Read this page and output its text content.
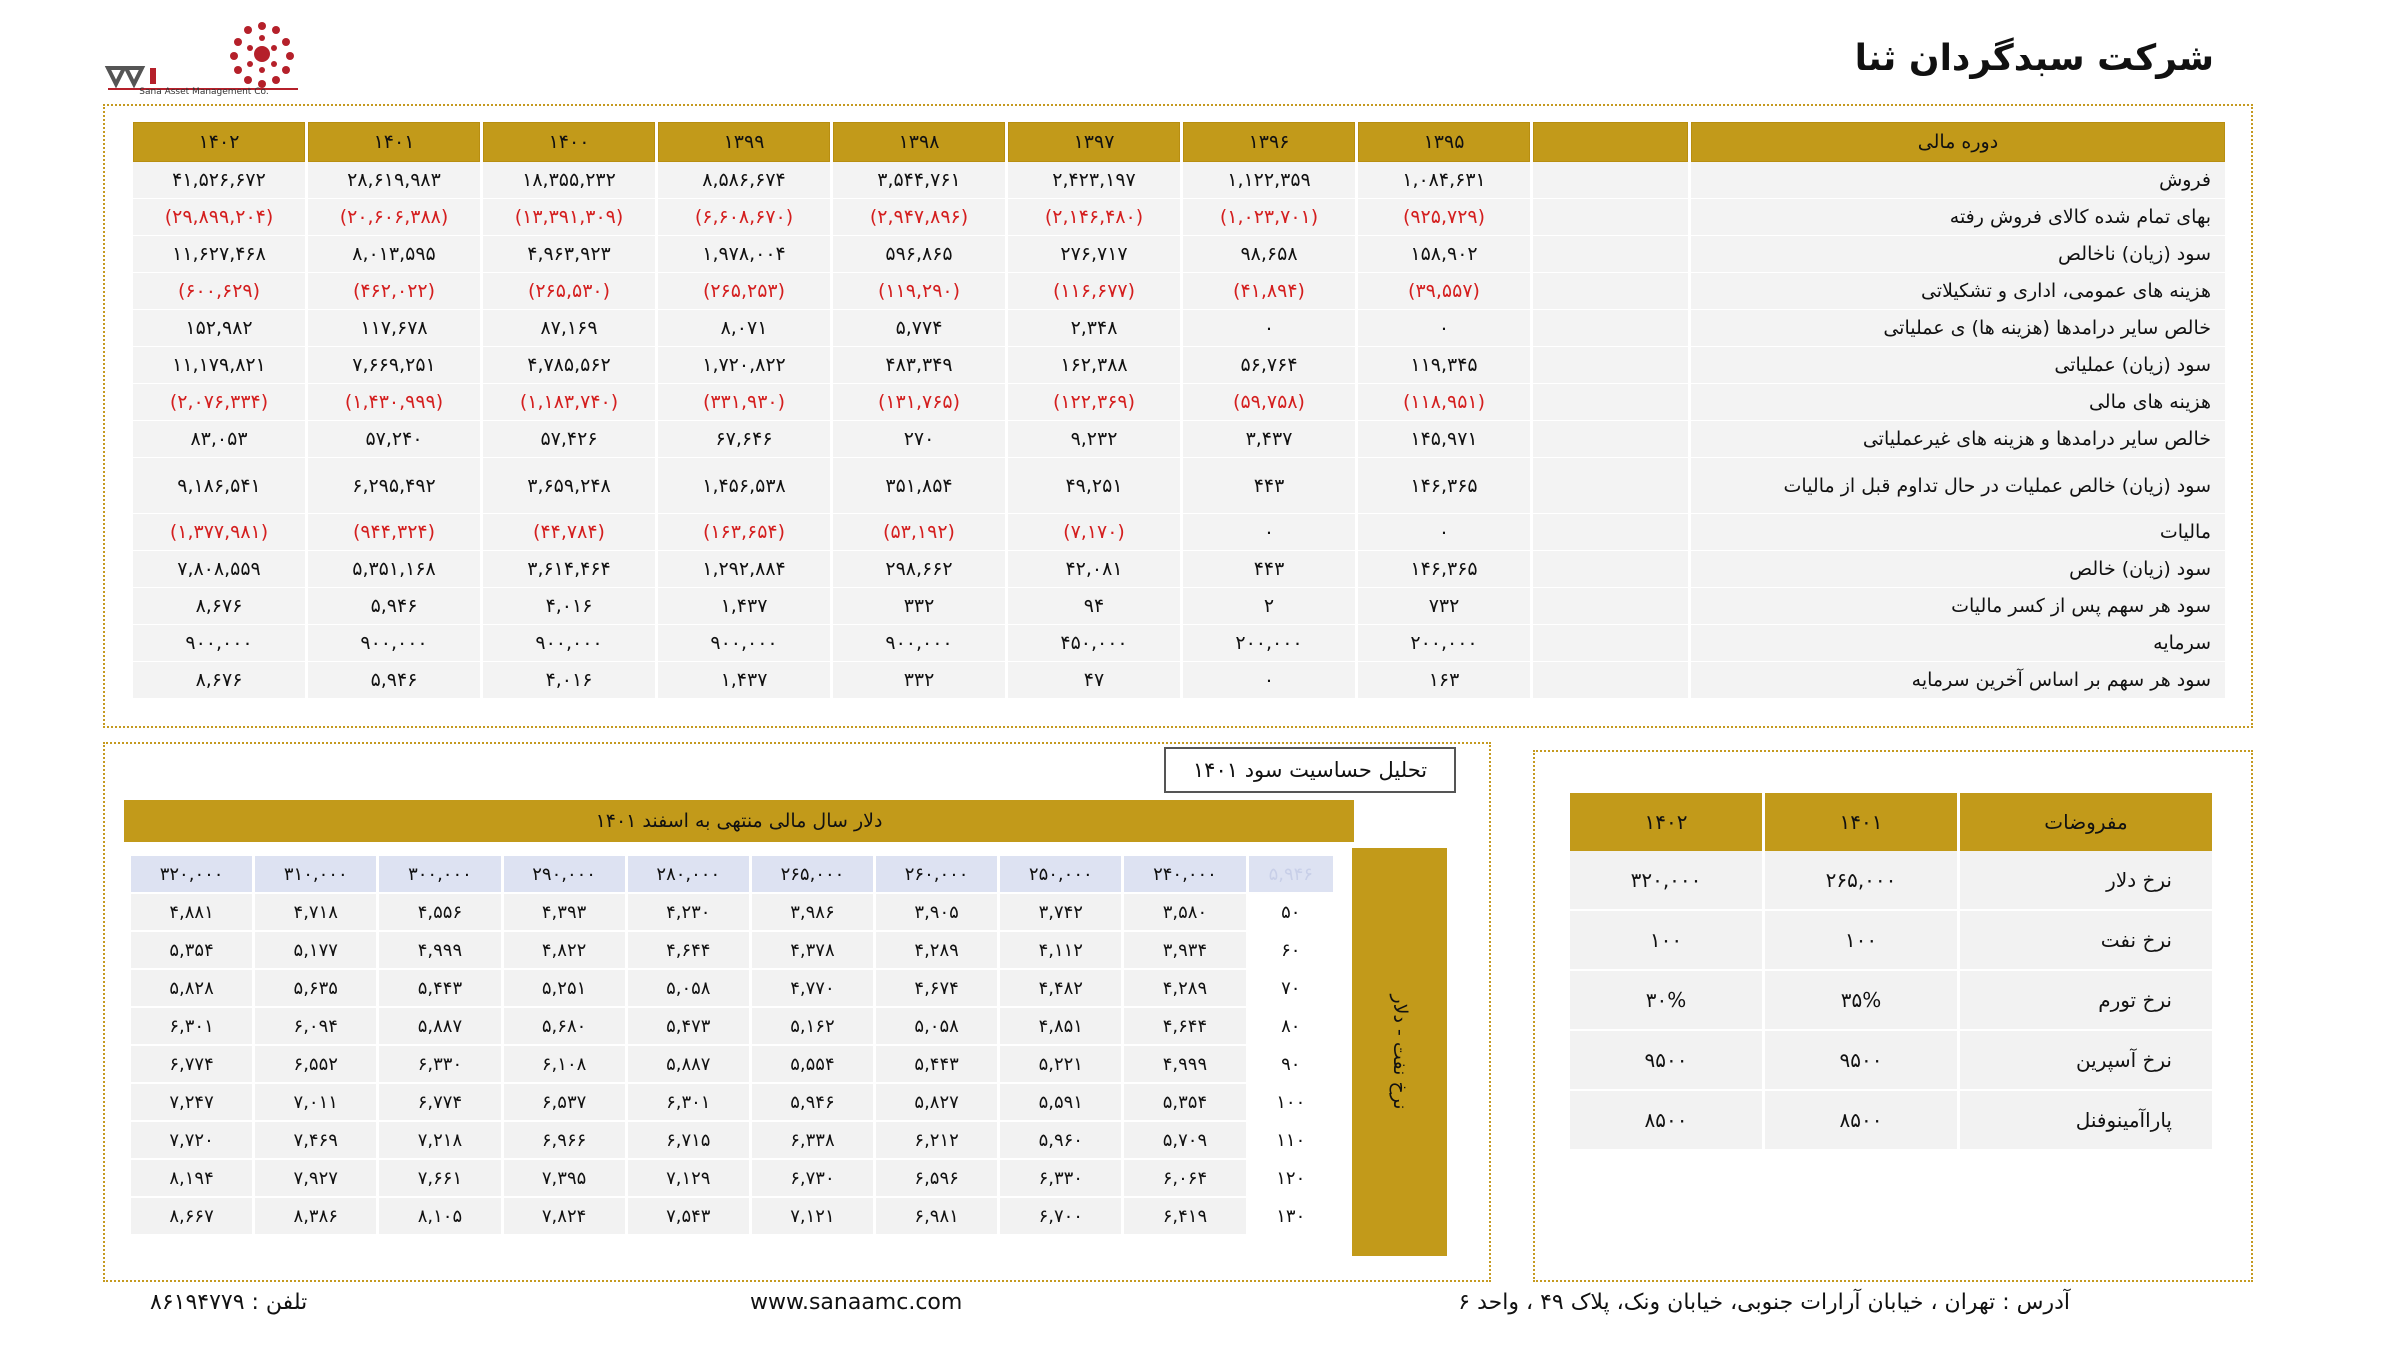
شرکت سبدگردان ثنا
Sana Asset Management Co.
۱۴۰۲	۱۴۰۱	۱۴۰۰	۱۳۹۹	۱۳۹۸	۱۳۹۷	۱۳۹۶	۱۳۹۵		دوره مالی
۴۱,۵۲۶,۶۷۲	۲۸,۶۱۹,۹۸۳	۱۸,۳۵۵,۲۳۲	۸,۵۸۶,۶۷۴	۳,۵۴۴,۷۶۱	۲,۴۲۳,۱۹۷	۱,۱۲۲,۳۵۹	۱,۰۸۴,۶۳۱		فروش
(۲۹,۸۹۹,۲۰۴)	(۲۰,۶۰۶,۳۸۸)	(۱۳,۳۹۱,۳۰۹)	(۶,۶۰۸,۶۷۰)	(۲,۹۴۷,۸۹۶)	(۲,۱۴۶,۴۸۰)	(۱,۰۲۳,۷۰۱)	(۹۲۵,۷۲۹)		بهای تمام شده کالای فروش رفته
۱۱,۶۲۷,۴۶۸	۸,۰۱۳,۵۹۵	۴,۹۶۳,۹۲۳	۱,۹۷۸,۰۰۴	۵۹۶,۸۶۵	۲۷۶,۷۱۷	۹۸,۶۵۸	۱۵۸,۹۰۲		سود (زیان) ناخالص
(۶۰۰,۶۲۹)	(۴۶۲,۰۲۲)	(۲۶۵,۵۳۰)	(۲۶۵,۲۵۳)	(۱۱۹,۲۹۰)	(۱۱۶,۶۷۷)	(۴۱,۸۹۴)	(۳۹,۵۵۷)		هزینه های عمومی، اداری و تشکیلاتی
۱۵۲,۹۸۲	۱۱۷,۶۷۸	۸۷,۱۶۹	۸,۰۷۱	۵,۷۷۴	۲,۳۴۸	۰	۰		خالص سایر درامدها (هزینه ها) ی عملیاتی
۱۱,۱۷۹,۸۲۱	۷,۶۶۹,۲۵۱	۴,۷۸۵,۵۶۲	۱,۷۲۰,۸۲۲	۴۸۳,۳۴۹	۱۶۲,۳۸۸	۵۶,۷۶۴	۱۱۹,۳۴۵		سود (زیان) عملیاتی
(۲,۰۷۶,۳۳۴)	(۱,۴۳۰,۹۹۹)	(۱,۱۸۳,۷۴۰)	(۳۳۱,۹۳۰)	(۱۳۱,۷۶۵)	(۱۲۲,۳۶۹)	(۵۹,۷۵۸)	(۱۱۸,۹۵۱)		هزینه های مالی
۸۳,۰۵۳	۵۷,۲۴۰	۵۷,۴۲۶	۶۷,۶۴۶	۲۷۰	۹,۲۳۲	۳,۴۳۷	۱۴۵,۹۷۱		خالص سایر درامدها و هزینه های غیرعملیاتی
۹,۱۸۶,۵۴۱	۶,۲۹۵,۴۹۲	۳,۶۵۹,۲۴۸	۱,۴۵۶,۵۳۸	۳۵۱,۸۵۴	۴۹,۲۵۱	۴۴۳	۱۴۶,۳۶۵		سود (زیان) خالص عملیات در حال تداوم قبل از مالیات
(۱,۳۷۷,۹۸۱)	(۹۴۴,۳۲۴)	(۴۴,۷۸۴)	(۱۶۳,۶۵۴)	(۵۳,۱۹۲)	(۷,۱۷۰)	۰	۰		مالیات
۷,۸۰۸,۵۵۹	۵,۳۵۱,۱۶۸	۳,۶۱۴,۴۶۴	۱,۲۹۲,۸۸۴	۲۹۸,۶۶۲	۴۲,۰۸۱	۴۴۳	۱۴۶,۳۶۵		سود (زیان) خالص
۸,۶۷۶	۵,۹۴۶	۴,۰۱۶	۱,۴۳۷	۳۳۲	۹۴	۲	۷۳۲		سود هر سهم پس از کسر مالیات
۹۰۰,۰۰۰	۹۰۰,۰۰۰	۹۰۰,۰۰۰	۹۰۰,۰۰۰	۹۰۰,۰۰۰	۴۵۰,۰۰۰	۲۰۰,۰۰۰	۲۰۰,۰۰۰		سرمایه
۸,۶۷۶	۵,۹۴۶	۴,۰۱۶	۱,۴۳۷	۳۳۲	۴۷	۰	۱۶۳		سود هر سهم بر اساس آخرین سرمایه
تحلیل حساسیت سود ۱۴۰۱
دلار سال مالی منتهی به اسفند ۱۴۰۱
نرخ نفت - دلار
۳۲۰,۰۰۰	۳۱۰,۰۰۰	۳۰۰,۰۰۰	۲۹۰,۰۰۰	۲۸۰,۰۰۰	۲۶۵,۰۰۰	۲۶۰,۰۰۰	۲۵۰,۰۰۰	۲۴۰,۰۰۰	۵,۹۴۶
۴,۸۸۱	۴,۷۱۸	۴,۵۵۶	۴,۳۹۳	۴,۲۳۰	۳,۹۸۶	۳,۹۰۵	۳,۷۴۲	۳,۵۸۰	۵۰
۵,۳۵۴	۵,۱۷۷	۴,۹۹۹	۴,۸۲۲	۴,۶۴۴	۴,۳۷۸	۴,۲۸۹	۴,۱۱۲	۳,۹۳۴	۶۰
۵,۸۲۸	۵,۶۳۵	۵,۴۴۳	۵,۲۵۱	۵,۰۵۸	۴,۷۷۰	۴,۶۷۴	۴,۴۸۲	۴,۲۸۹	۷۰
۶,۳۰۱	۶,۰۹۴	۵,۸۸۷	۵,۶۸۰	۵,۴۷۳	۵,۱۶۲	۵,۰۵۸	۴,۸۵۱	۴,۶۴۴	۸۰
۶,۷۷۴	۶,۵۵۲	۶,۳۳۰	۶,۱۰۸	۵,۸۸۷	۵,۵۵۴	۵,۴۴۳	۵,۲۲۱	۴,۹۹۹	۹۰
۷,۲۴۷	۷,۰۱۱	۶,۷۷۴	۶,۵۳۷	۶,۳۰۱	۵,۹۴۶	۵,۸۲۷	۵,۵۹۱	۵,۳۵۴	۱۰۰
۷,۷۲۰	۷,۴۶۹	۷,۲۱۸	۶,۹۶۶	۶,۷۱۵	۶,۳۳۸	۶,۲۱۲	۵,۹۶۰	۵,۷۰۹	۱۱۰
۸,۱۹۴	۷,۹۲۷	۷,۶۶۱	۷,۳۹۵	۷,۱۲۹	۶,۷۳۰	۶,۵۹۶	۶,۳۳۰	۶,۰۶۴	۱۲۰
۸,۶۶۷	۸,۳۸۶	۸,۱۰۵	۷,۸۲۴	۷,۵۴۳	۷,۱۲۱	۶,۹۸۱	۶,۷۰۰	۶,۴۱۹	۱۳۰
۱۴۰۲	۱۴۰۱	مفروضات
۳۲۰,۰۰۰	۲۶۵,۰۰۰	نرخ دلار
۱۰۰	۱۰۰	نرخ نفت
۳۰%	۳۵%	نرخ تورم
۹۵۰۰	۹۵۰۰	نرخ آسپرین
۸۵۰۰	۸۵۰۰	پاراآمینوفنل
آدرس : تهران ، خیابان آرارات جنوبی، خیابان ونک، پلاک ۴۹ ، واحد ۶
www.sanaamc.com
تلفن : ۸۶۱۹۴۷۷۹
